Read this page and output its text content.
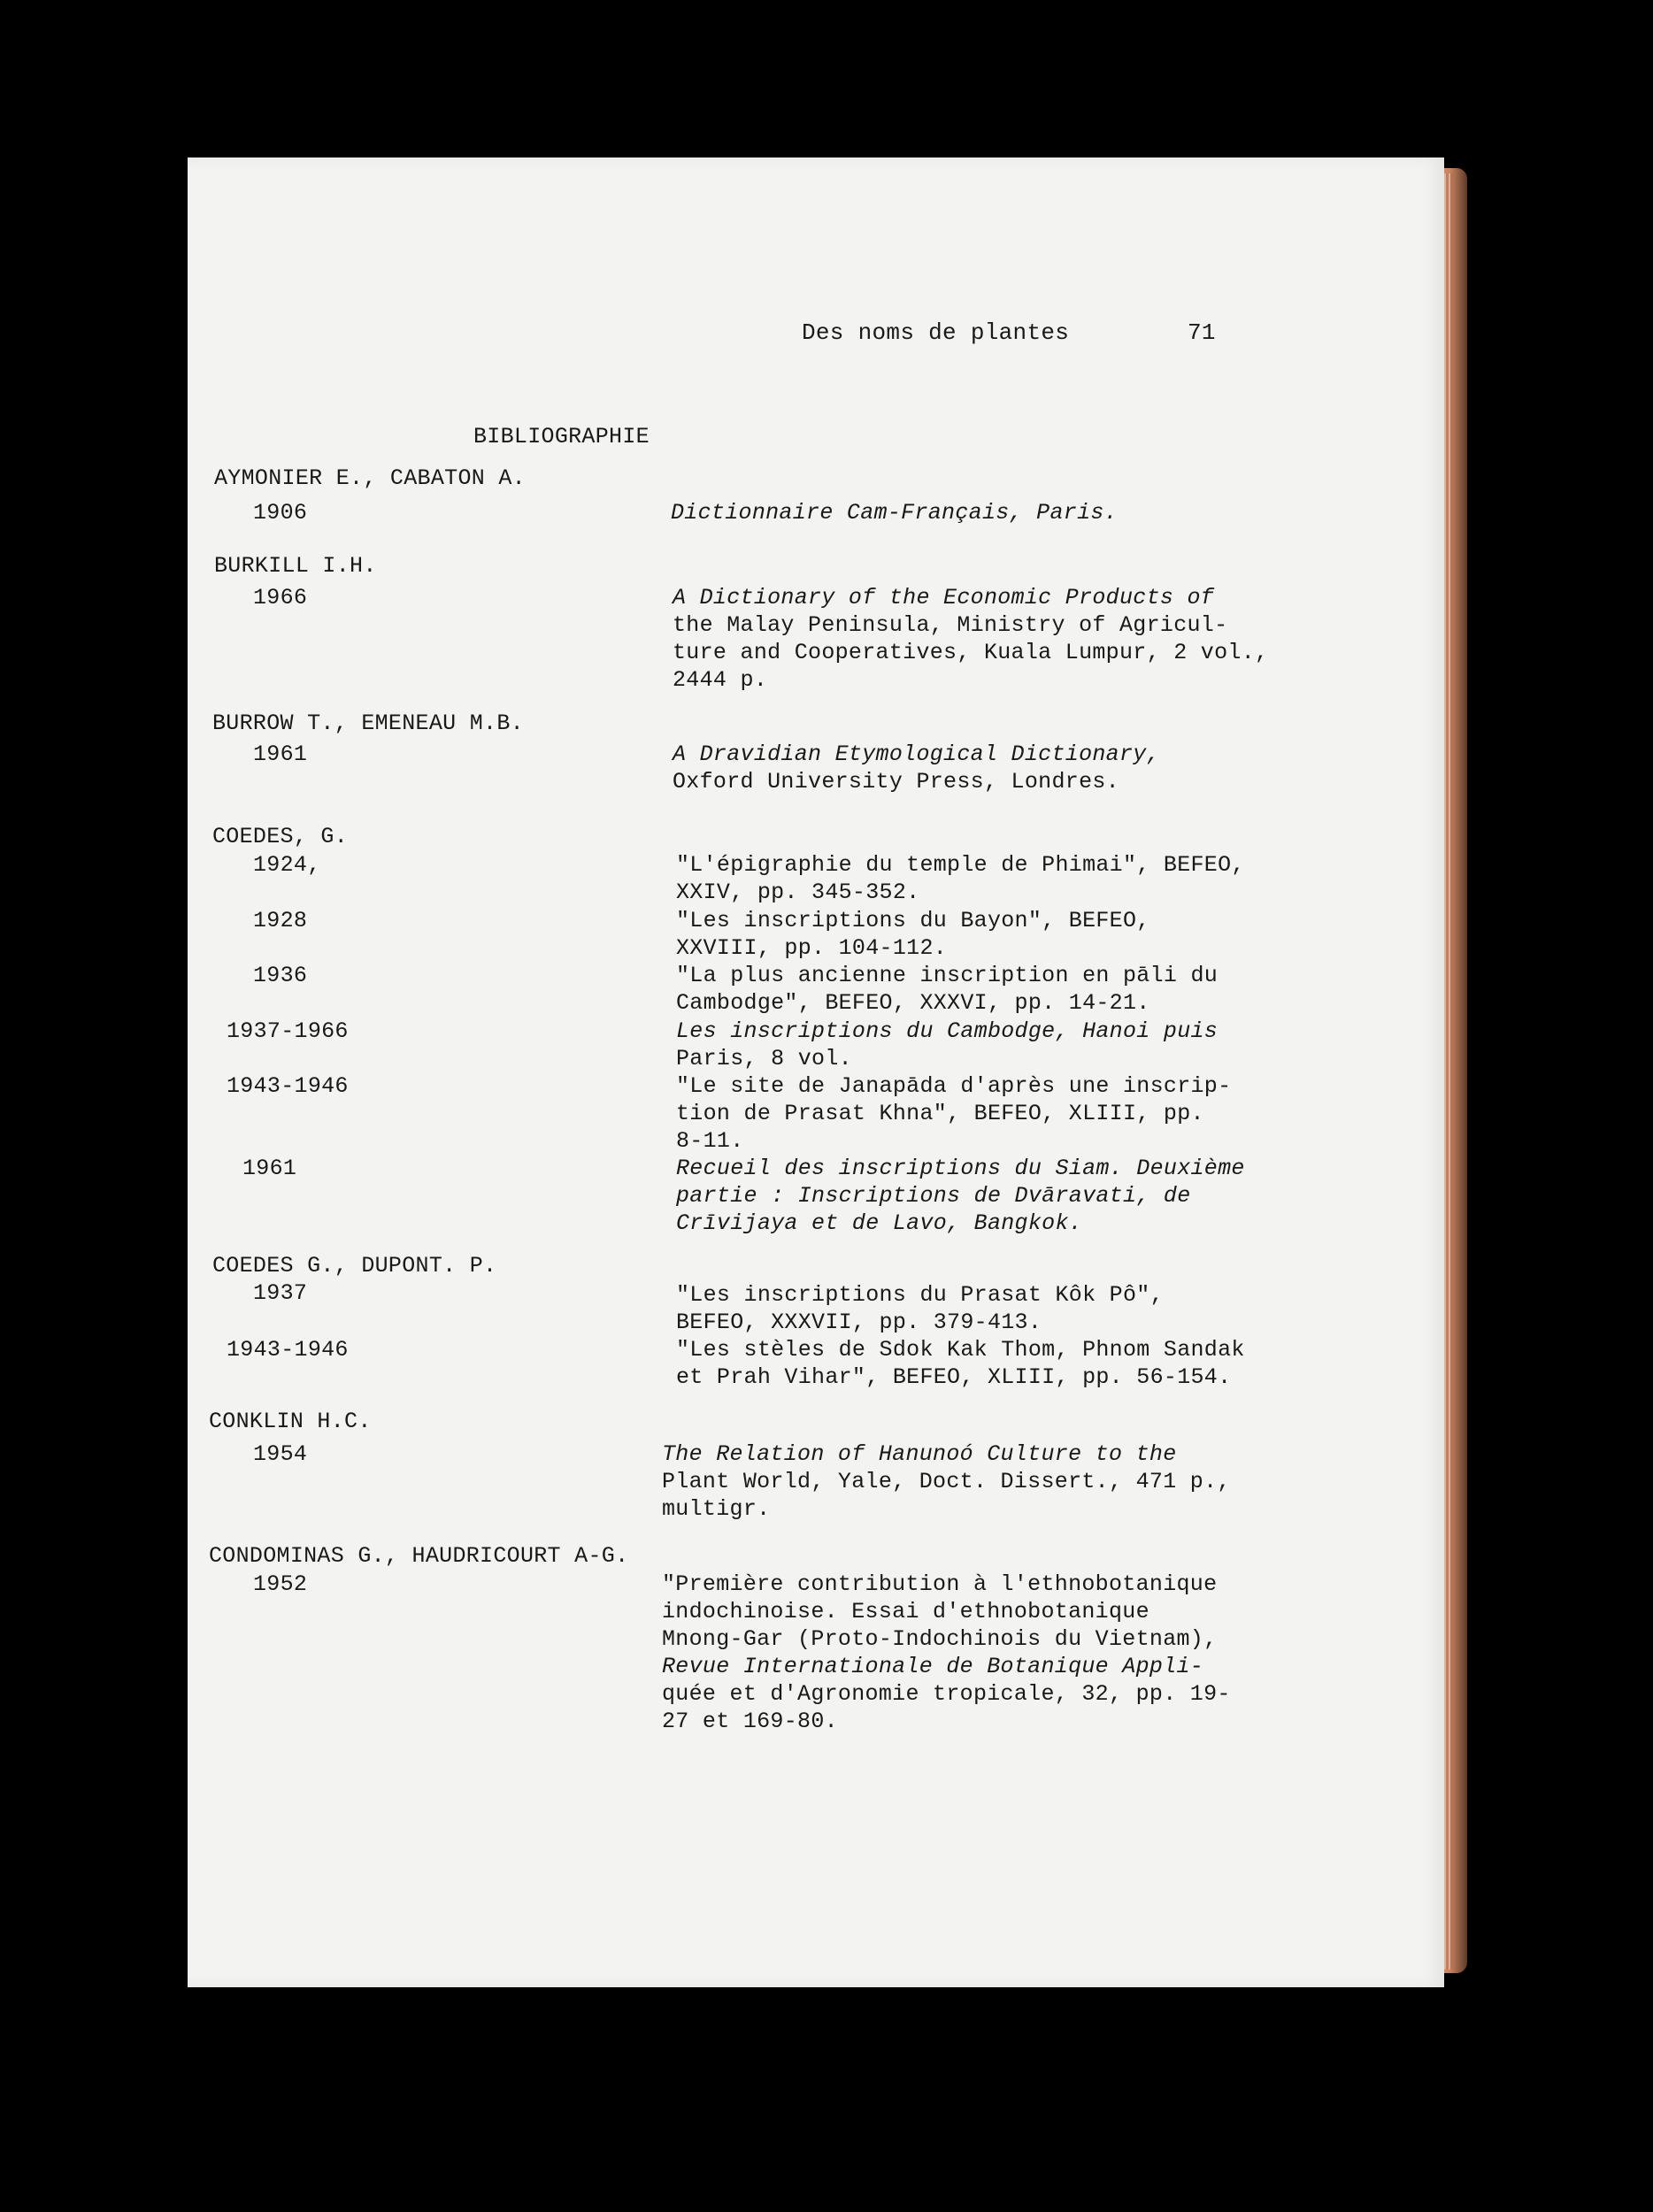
Des noms de plantes	71
BIBLIOGRAPHIE
AYMONIER E., CABATON A.
1906	Dictionnaire Cam-Français, Paris.
BURKILL I.H.
1966	A Dictionary of the Economic Products of
the Malay Peninsula, Ministry of Agricul-
ture and Cooperatives, Kuala Lumpur, 2 vol.,
2444 p.
BURROW T., EMENEAU M.B.
1961	A Dravidian Etymological Dictionary,
Oxford University Press, Londres.
COEDES, G.
1924,	"L'épigraphie du temple de Phimai", BEFEO,
XXIV, pp. 345-352.
1928	"Les inscriptions du Bayon", BEFEO,
XXVIII, pp. 104-112.
1936	"La plus ancienne inscription en pāli du
Cambodge", BEFEO, XXXVI, pp. 14-21.
1937-1966	Les inscriptions du Cambodge, Hanoi puis
Paris, 8 vol.
1943-1946	"Le site de Janapāda d'après une inscrip-
tion de Prasat Khna", BEFEO, XLIII, pp.
8-11.
1961	Recueil des inscriptions du Siam. Deuxième
partie : Inscriptions de Dvāravati, de
Crīvijaya et de Lavo, Bangkok.
COEDES G., DUPONT. P.
1937	"Les inscriptions du Prasat Kôk Pô",
BEFEO, XXXVII, pp. 379-413.
1943-1946	"Les stèles de Sdok Kak Thom, Phnom Sandak
et Prah Vihar", BEFEO, XLIII, pp. 56-154.
CONKLIN H.C.
1954	The Relation of Hanunoó Culture to the
Plant World, Yale, Doct. Dissert., 471 p.,
multigr.
CONDOMINAS G., HAUDRICOURT A-G.
1952	"Première contribution à l'ethnobotanique
indochinoise. Essai d'ethnobotanique
Mnong-Gar (Proto-Indochinois du Vietnam),
Revue Internationale de Botanique Appli-
quée et d'Agronomie tropicale, 32, pp. 19-
27 et 169-80.
